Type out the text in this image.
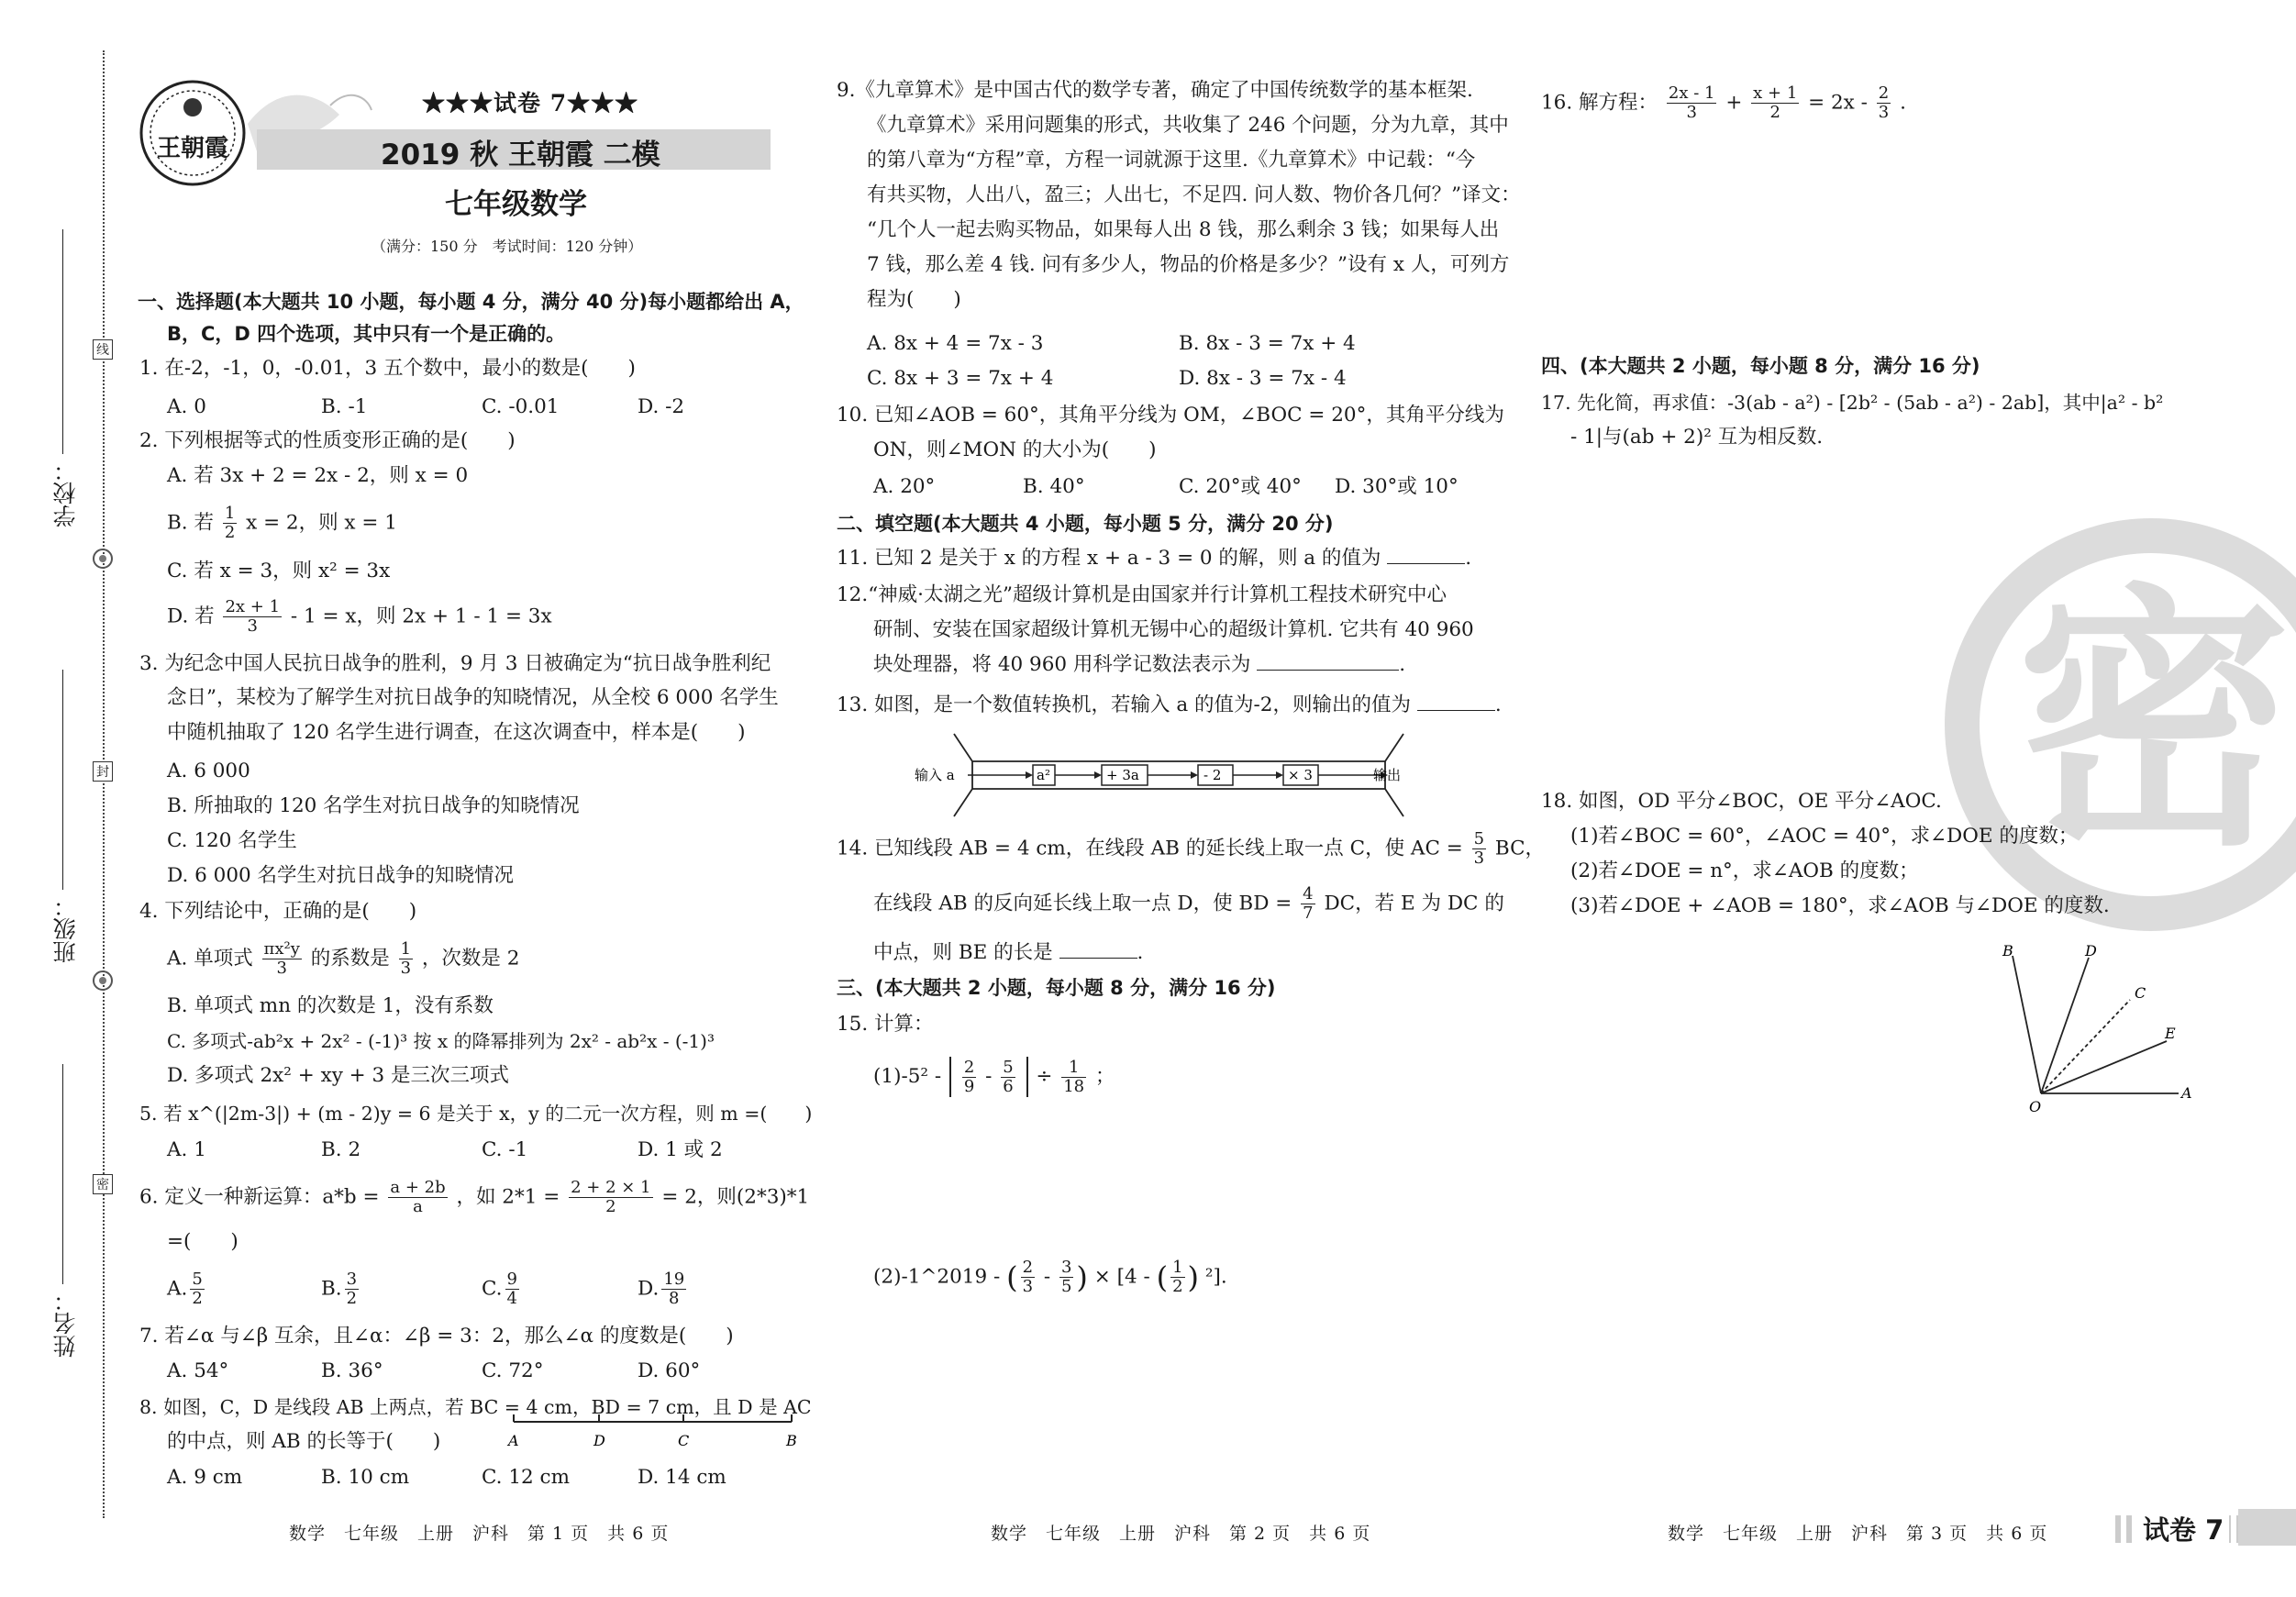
学校：
班级：
姓名：
线
封
密
王朝霞
★★★试卷 7★★★
2019 秋 王朝霞 二模
七年级数学
（满分：150 分　考试时间：120 分钟）
一、选择题(本大题共 10 小题，每小题 4 分，满分 40 分)每小题都给出 A，
B，C，D 四个选项，其中只有一个是正确的。
1. 在-2，-1，0，-0.01，3 五个数中，最小的数是(　　)
A. 0	B. -1	C. -0.01	D. -2
2. 下列根据等式的性质变形正确的是(　　)
A. 若 3x + 2 = 2x - 2，则 x = 0
B. 若 $\frac{1}{2}$ x = 2，则 x = 1
C. 若 x = 3，则 x² = 3x
D. 若 $\frac{2x + 1}{3} - 1 = x$，则 2x + 1 - 1 = 3x
3. 为纪念中国人民抗日战争的胜利，9 月 3 日被确定为“抗日战争胜利纪
念日”，某校为了解学生对抗日战争的知晓情况，从全校 6 000 名学生
中随机抽取了 120 名学生进行调查，在这次调查中，样本是(　　)
A. 6 000
B. 所抽取的 120 名学生对抗日战争的知晓情况
C. 120 名学生
D. 6 000 名学生对抗日战争的知晓情况
4. 下列结论中，正确的是(　　)
A. 单项式 $\frac{\text{πx²y}}{3}$ 的系数是 $\frac{1}{3}$ ，次数是 2
B. 单项式 mn 的次数是 1，没有系数
C. 多项式-ab²x + 2x² - (-1)³ 按 x 的降幂排列为 2x² - ab²x - (-1)³
D. 多项式 2x² + xy + 3 是三次三项式
5. 若 x^(|2m-3|) + (m - 2)y = 6 是关于 x，y 的二元一次方程，则 m =(　　)
A. 1	B. 2	C. -1	D. 1 或 2
6. 定义一种新运算：$a*b = \frac{a + 2b}{a}$ ，如 $2*1 = \frac{2 + 2 \times 1}{2} = 2$，则(2*3)*1
=(　　)
A. $\frac{5}{2}$	B. $\frac{3}{2}$	C. $\frac{9}{4}$	D. $\frac{19}{8}$
7. 若∠α 与∠β 互余，且∠α：∠β = 3：2，那么∠α 的度数是(　　)
A. 54°	B. 36°	C. 72°	D. 60°
8. 如图，C，D 是线段 AB 上两点，若 BC = 4 cm，BD = 7 cm，且 D 是 AC
的中点，则 AB 的长等于(　　)	A	D	C	B
A. 9 cm	B. 10 cm	C. 12 cm	D. 14 cm
数学　七年级　上册　沪科　第 1 页　共 6 页
9.《九章算术》是中国古代的数学专著，确定了中国传统数学的基本框架.
《九章算术》采用问题集的形式，共收集了 246 个问题，分为九章，其中
的第八章为“方程”章，方程一词就源于这里.《九章算术》中记载：“今
有共买物，人出八，盈三；人出七，不足四. 问人数、物价各几何？”译文：
“几个人一起去购买物品，如果每人出 8 钱，那么剩余 3 钱；如果每人出
7 钱，那么差 4 钱. 问有多少人，物品的价格是多少？”设有 x 人，可列方
程为(　　)
A. 8x + 4 = 7x - 3	B. 8x - 3 = 7x + 4
C. 8x + 3 = 7x + 4	D. 8x - 3 = 7x - 4
10. 已知∠AOB = 60°，其角平分线为 OM，∠BOC = 20°，其角平分线为
ON，则∠MON 的大小为(　　)
A. 20°	B. 40°	C. 20°或 40° D. 30°或 10°
二、填空题(本大题共 4 小题，每小题 5 分，满分 20 分)
11. 已知 2 是关于 x 的方程 x + a - 3 = 0 的解，则 a 的值为	.
12.“神威·太湖之光”超级计算机是由国家并行计算机工程技术研究中心
研制、安装在国家超级计算机无锡中心的超级计算机. 它共有 40 960
块处理器，将 40 960 用科学记数法表示为	.
13. 如图，是一个数值转换机，若输入 a 的值为-2，则输出的值为	.
输入 a	a²	+ 3a	- 2	× 3	输出
14. 已知线段 AB = 4 cm，在线段 AB 的延长线上取一点 C，使 AC = $\frac{5}{3}$ BC，
在线段 AB 的反向延长线上取一点 D，使 BD = $\frac{4}{7}$ DC，若 E 为 DC 的
中点，则 BE 的长是	.
三、(本大题共 2 小题，每小题 8 分，满分 16 分)
15. 计算：
$(1)-5^2 - \frac{2}{9} - \frac{5}{6} \div \frac{1}{18}$ ；
(2)-1^2019 - ( $\frac{2}{3} - \frac{3}{5}$ ) × [4 - ( $\frac{1}{2}$ ) ²].
数学　七年级　上册　沪科　第 2 页　共 6 页
16. 解方程： $\frac{2x - 1}{3} + \frac{x + 1}{2} = 2x - \frac{2}{3}$ .
四、(本大题共 2 小题，每小题 8 分，满分 16 分)
17. 先化简，再求值：-3(ab - a²) - [2b² - (5ab - a²) - 2ab]，其中|a² - b²
- 1|与(ab + 2)² 互为相反数.
密
18. 如图，OD 平分∠BOC，OE 平分∠AOC.
(1)若∠BOC = 60°，∠AOC = 40°，求∠DOE 的度数；
(2)若∠DOE = n°，求∠AOB 的度数；
(3)若∠DOE + ∠AOB = 180°，求∠AOB 与∠DOE 的度数.
B	D
C
E
O
A
数学　七年级　上册　沪科　第 3 页　共 6 页	试卷 7
